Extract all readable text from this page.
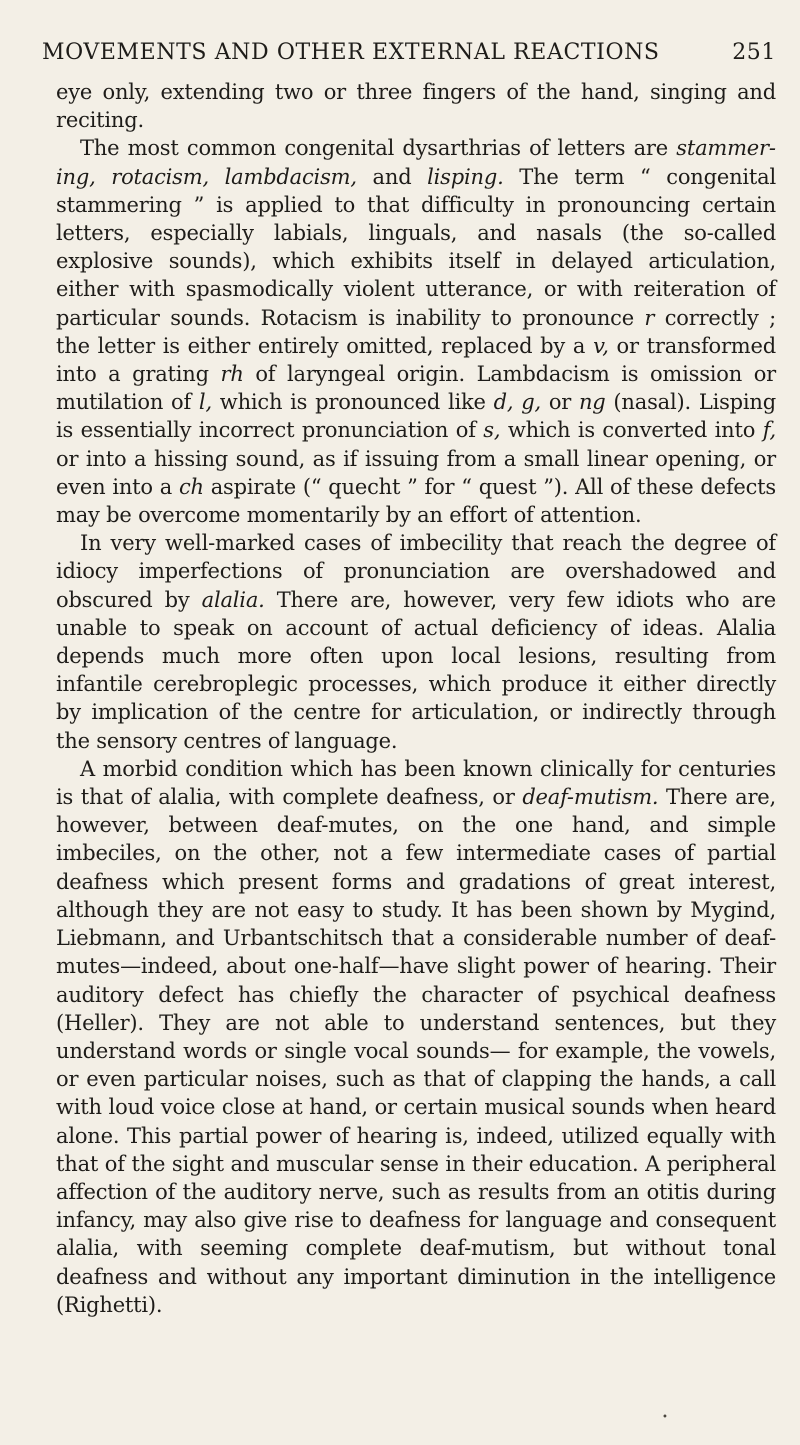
MOVEMENTS AND OTHER EXTERNAL REACTIONS	251

eye only, extending two or three fingers of the hand, singing and reciting.

The most common congenital dysarthrias of letters are stammering, rotacism, lambdacism, and lisping. The term “ congenital stammering ” is applied to that difficulty in pronouncing certain letters, especially labials, linguals, and nasals (the so-called explosive sounds), which exhibits itself in delayed articulation, either with spasmodically violent utterance, or with reiteration of particular sounds. Rotacism is inability to pronounce r correctly ; the letter is either entirely omitted, replaced by a v, or transformed into a grating rh of laryngeal origin. Lambdacism is omission or mutilation of l, which is pronounced like d, g, or ng (nasal). Lisping is essentially incorrect pronunciation of s, which is converted into f, or into a hissing sound, as if issuing from a small linear opening, or even into a ch aspirate (“ quecht ” for “ quest ”). All of these defects may be overcome momentarily by an effort of attention.

In very well-marked cases of imbecility that reach the degree of idiocy imperfections of pronunciation are overshadowed and obscured by alalia. There are, however, very few idiots who are unable to speak on account of actual deficiency of ideas. Alalia depends much more often upon local lesions, resulting from infantile cerebroplegic processes, which produce it either directly by implication of the centre for articulation, or indirectly through the sensory centres of language.

A morbid condition which has been known clinically for centuries is that of alalia, with complete deafness, or deaf-mutism. There are, however, between deaf-mutes, on the one hand, and simple imbeciles, on the other, not a few intermediate cases of partial deafness which present forms and gradations of great interest, although they are not easy to study. It has been shown by Mygind, Liebmann, and Urbantschitsch that a considerable number of deaf-mutes—indeed, about one-half—have slight power of hearing. Their auditory defect has chiefly the character of psychical deafness (Heller). They are not able to understand sentences, but they understand words or single vocal sounds— for example, the vowels, or even particular noises, such as that of clapping the hands, a call with loud voice close at hand, or certain musical sounds when heard alone. This partial power of hearing is, indeed, utilized equally with that of the sight and muscular sense in their education. A peripheral affection of the auditory nerve, such as results from an otitis during infancy, may also give rise to deafness for language and consequent alalia, with seeming complete deaf-mutism, but without tonal deafness and without any important diminution in the intelligence (Righetti).

•
